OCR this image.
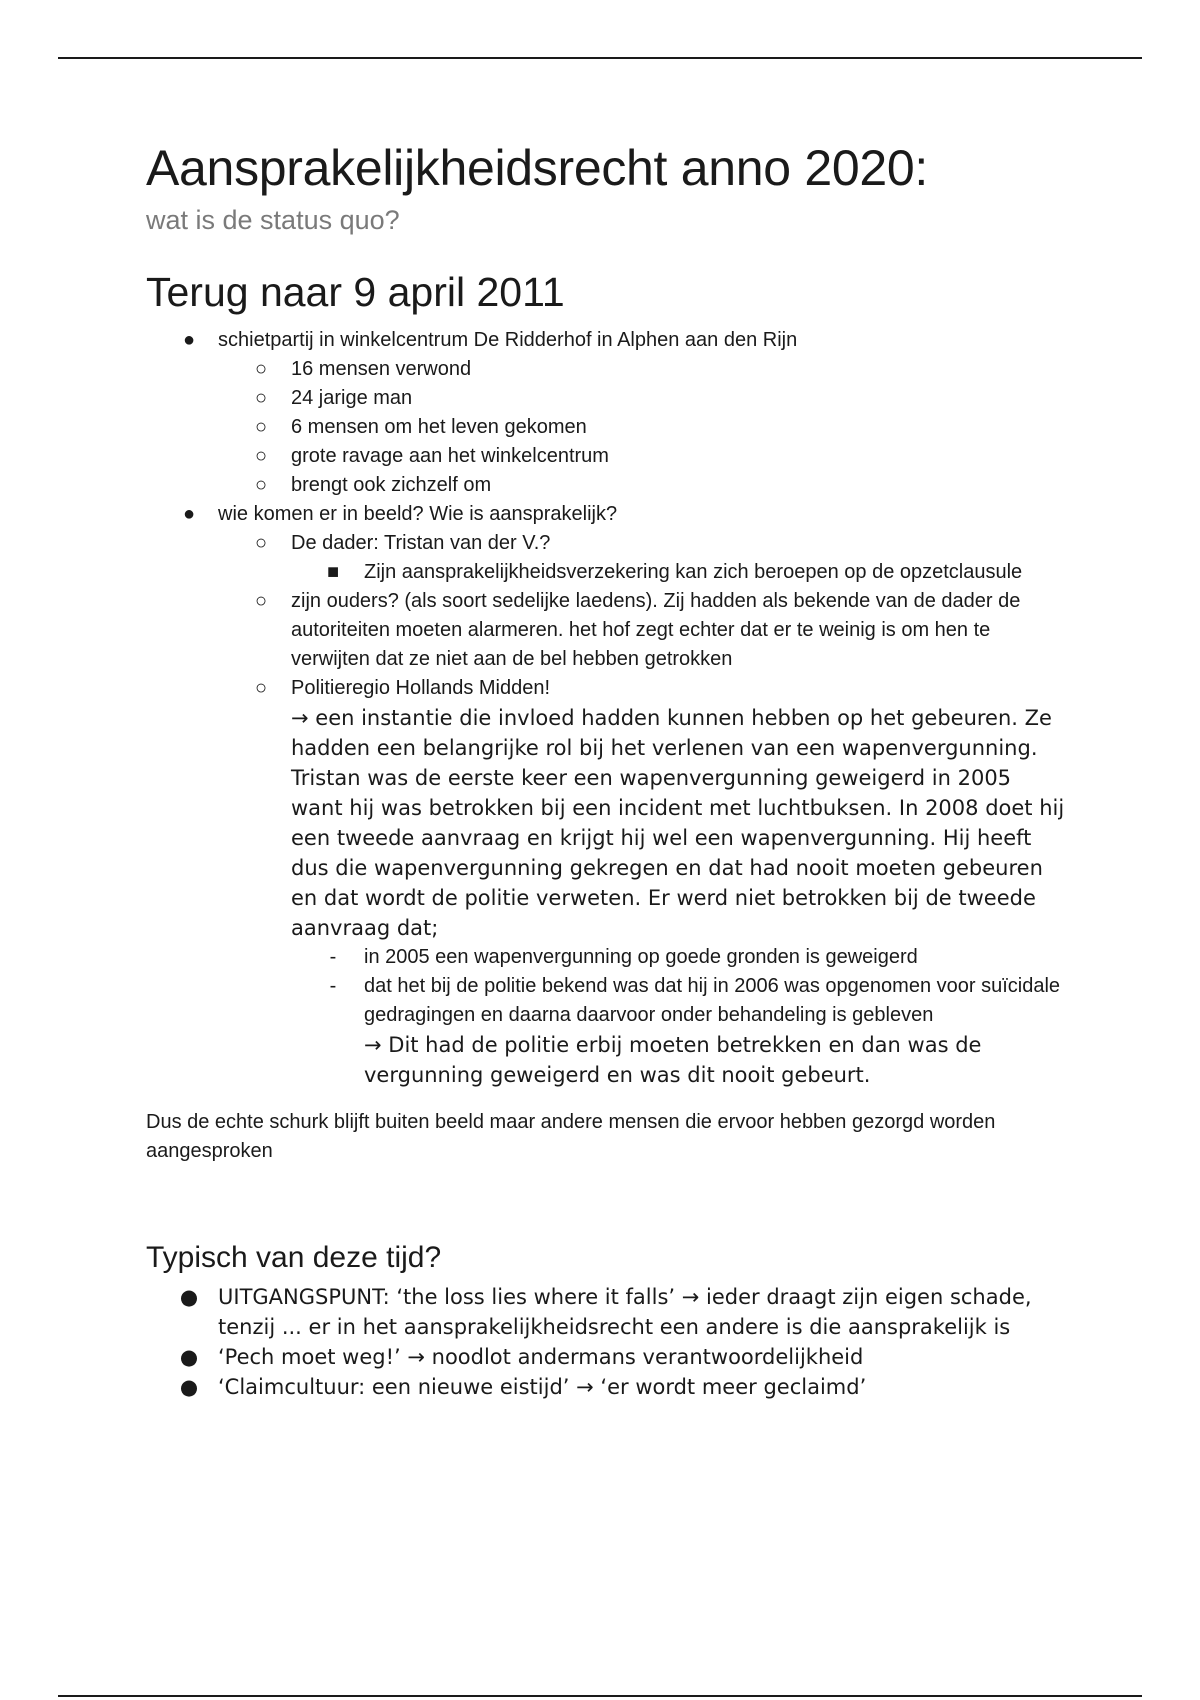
Aansprakelijkheidsrecht anno 2020:
wat is de status quo?
Terug naar 9 april 2011
●	schietpartij in winkelcentrum De Ridderhof in Alphen aan den Rijn
○	16 mensen verwond
○	24 jarige man
○	6 mensen om het leven gekomen
○	grote ravage aan het winkelcentrum
○	brengt ook zichzelf om
●	wie komen er in beeld? Wie is aansprakelijk?
○	De dader: Tristan van der V.?
■	Zijn aansprakelijkheidsverzekering kan zich beroepen op de opzetclausule
○	zijn ouders? (als soort sedelijke laedens). Zij hadden als bekende van de dader de autoriteiten moeten alarmeren. het hof zegt echter dat er te weinig is om hen te verwijten dat ze niet aan de bel hebben getrokken
○	Politieregio Hollands Midden!
→ een instantie die invloed hadden kunnen hebben op het gebeuren. Ze hadden een belangrijke rol bij het verlenen van een wapenvergunning. Tristan was de eerste keer een wapenvergunning geweigerd in 2005 want hij was betrokken bij een incident met luchtbuksen. In 2008 doet hij een tweede aanvraag en krijgt hij wel een wapenvergunning. Hij heeft dus die wapenvergunning gekregen en dat had nooit moeten gebeuren en dat wordt de politie verweten. Er werd niet betrokken bij de tweede aanvraag dat;
-	in 2005 een wapenvergunning op goede gronden is geweigerd
-	dat het bij de politie bekend was dat hij in 2006 was opgenomen voor suïcidale gedragingen en daarna daarvoor onder behandeling is gebleven
→ Dit had de politie erbij moeten betrekken en dan was de vergunning geweigerd en was dit nooit gebeurt.

Dus de echte schurk blijft buiten beeld maar andere mensen die ervoor hebben gezorgd worden aangesproken

Typisch van deze tijd?
● UITGANGSPUNT: ‘the loss lies where it falls’ → ieder draagt zijn eigen schade, tenzij ... er in het aansprakelijkheidsrecht een andere is die aansprakelijk is
● ‘Pech moet weg!’ → noodlot andermans verantwoordelijkheid
● ‘Claimcultuur: een nieuwe eistijd’ → ‘er wordt meer geclaimd’
